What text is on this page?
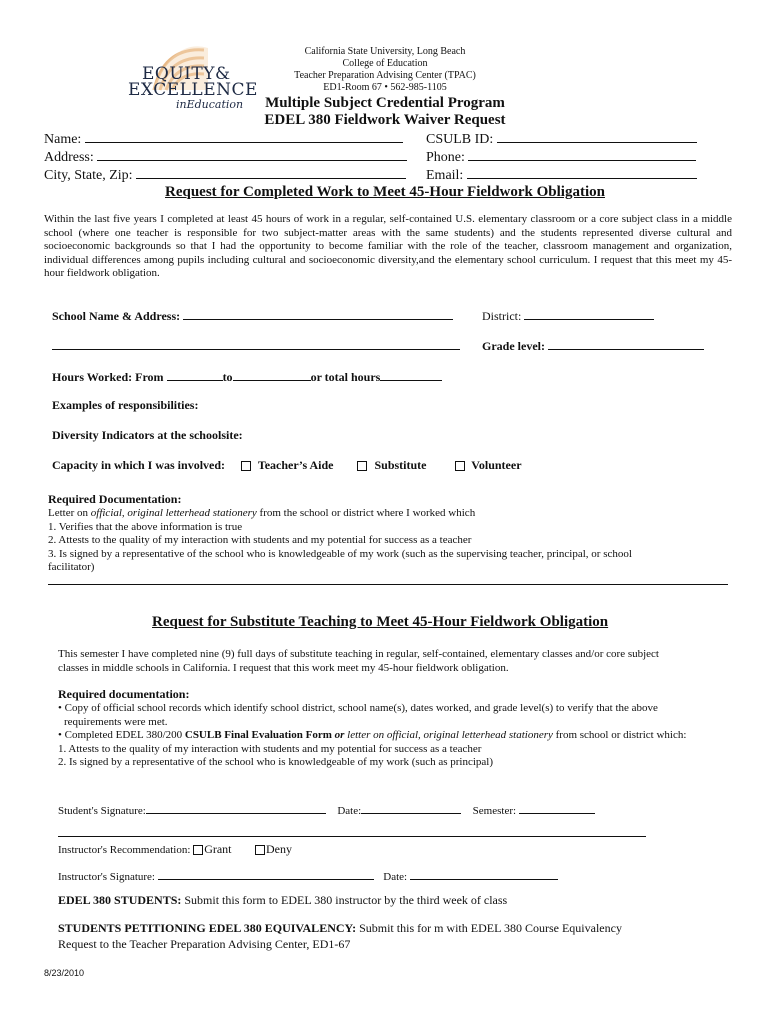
EQUITY&
EXCELLENCE
inEducation
California State University, Long Beach
College of Education
Teacher Preparation Advising Center (TPAC)
ED1-Room 67 • 562-985-1105
Multiple Subject Credential Program
EDEL 380 Fieldwork Waiver Request
Name:
Address:
City, State, Zip:
CSULB ID:
Phone:
Email:
Request for Completed Work to Meet 45-Hour Fieldwork Obligation
Within the last five years I completed at least 45 hours of work in a regular, self-contained U.S. elementary classroom or a core subject class in a middle school (where one teacher is responsible for two subject-matter areas with the same students) and the students represented diverse cultural and socioeconomic backgrounds so that I had the opportunity to become familiar with the role of the teacher, classroom management and organization, individual differences among pupils including cultural and socioeconomic diversity,and the elementary school curriculum. I request that this meet my 45-hour fieldwork obligation.
School Name & Address:	District:
Grade level:
Hours Worked: From	to	or total hours
Examples of responsibilities:
Diversity Indicators at the schoolsite:
Capacity in which I was involved:	Teacher’s Aide	Substitute	Volunteer
Required Documentation:
Letter on official, original letterhead stationery from the school or district where I worked which
1. Verifies that the above information is true
2. Attests to the quality of my interaction with students and my potential for success as a teacher
3. Is signed by a representative of the school who is knowledgeable of my work (such as the supervising teacher, principal, or school facilitator)
Request for Substitute Teaching to Meet 45-Hour Fieldwork Obligation
This semester I have completed nine (9) full days of substitute teaching in regular, self-contained, elementary classes and/or core subject classes in middle schools in California. I request that this work meet my 45-hour fieldwork obligation.
Required documentation:
• Copy of official school records which identify school district, school name(s), dates worked, and grade level(s) to verify that the above requirements were met.
• Completed EDEL 380/200 CSULB Final Evaluation Form or letter on official, original letterhead stationery from school or district which:
1. Attests to the quality of my interaction with students and my potential for success as a teacher
2. Is signed by a representative of the school who is knowledgeable of my work (such as principal)
Student's Signature:	Date:	Semester:
Instructor's Recommendation: Grant	Deny
Instructor's Signature:	Date:
EDEL 380 STUDENTS: Submit this form to EDEL 380 instructor by the third week of class
STUDENTS PETITIONING EDEL 380 EQUIVALENCY: Submit this for m with EDEL 380 Course Equivalency Request to the Teacher Preparation Advising Center, ED1-67
8/23/2010
